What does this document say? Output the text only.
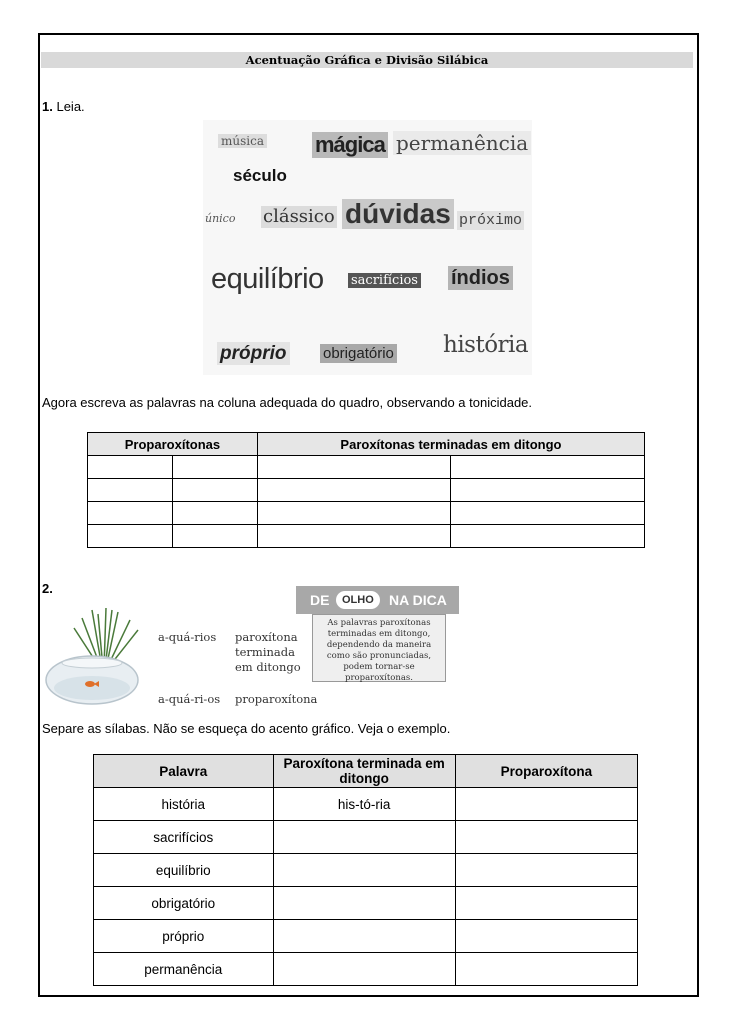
Acentuação Gráfica e Divisão Silábica
1. Leia.
música mágica permanência
século
único clássico dúvidas próximo
equilíbrio sacrifícios índios
próprio obrigatório história
Agora escreva as palavras na coluna adequada do quadro, observando a tonicidade.
Proparoxítonas		Paroxítonas terminadas em ditongo	

2.
a-quá-rios paroxítona
terminada
em ditongo
a-quá-ri-os proparoxítona
DE	OLHO	NA DICA
As palavras paroxítonas terminadas em ditongo, dependendo da maneira como são pronunciadas, podem tornar-se proparoxítonas.
Separe as sílabas. Não se esqueça do acento gráfico. Veja o exemplo.
Palavra	Paroxítona terminada em ditongo	Proparoxítona
história	his-tó-ria	
sacrifícios		
equilíbrio		
obrigatório		
próprio		
permanência		
